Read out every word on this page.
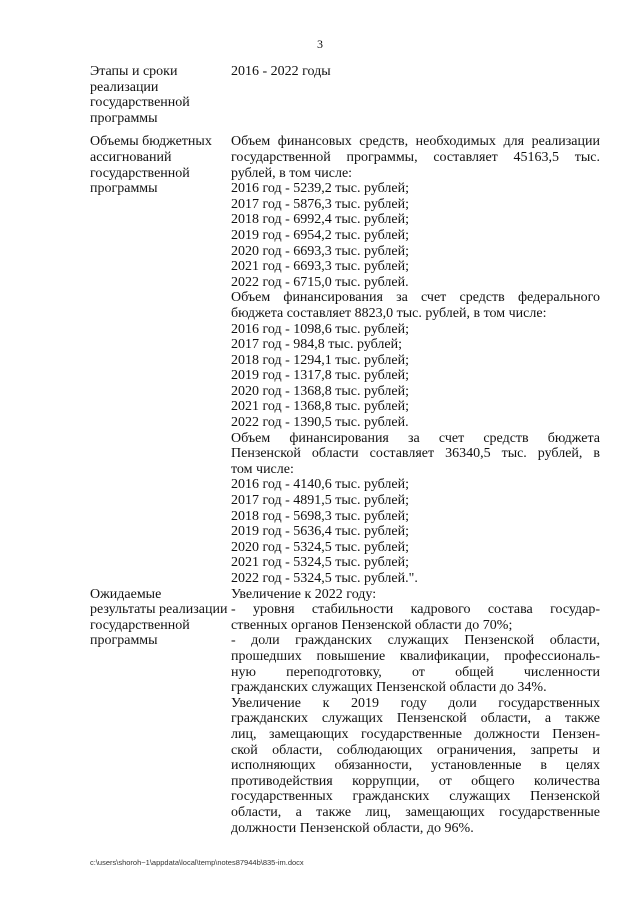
3
Этапы и сроки реализации государственной программы
2016 - 2022 годы
Объемы бюджетных ассигнований государственной программы
Объем финансовых средств, необходимых для реализации
государственной программы, составляет 45163,5 тыс.
рублей, в том числе:
2016 год - 5239,2 тыс. рублей;
2017 год - 5876,3 тыс. рублей;
2018 год - 6992,4 тыс. рублей;
2019 год - 6954,2 тыс. рублей;
2020 год - 6693,3 тыс. рублей;
2021 год - 6693,3 тыс. рублей;
2022 год - 6715,0 тыс. рублей.
Объем финансирования за счет средств федерального
бюджета составляет 8823,0 тыс. рублей, в том числе:
2016 год - 1098,6 тыс. рублей;
2017 год - 984,8 тыс. рублей;
2018 год - 1294,1 тыс. рублей;
2019 год - 1317,8 тыс. рублей;
2020 год - 1368,8 тыс. рублей;
2021 год - 1368,8 тыс. рублей;
2022 год - 1390,5 тыс. рублей.
Объем финансирования за счет средств бюджета
Пензенской области составляет 36340,5 тыс. рублей, в
том числе:
2016 год - 4140,6 тыс. рублей;
2017 год - 4891,5 тыс. рублей;
2018 год - 5698,3 тыс. рублей;
2019 год - 5636,4 тыс. рублей;
2020 год - 5324,5 тыс. рублей;
2021 год - 5324,5 тыс. рублей;
2022 год - 5324,5 тыс. рублей.".
Ожидаемые результаты реализации государственной программы
Увеличение к 2022 году:
- уровня стабильности кадрового состава государ-
ственных органов Пензенской области до 70%;
- доли гражданских служащих Пензенской области,
прошедших повышение квалификации, профессиональ-
ную переподготовку, от общей численности
гражданских служащих Пензенской области до 34%.
Увеличение к 2019 году доли государственных
гражданских служащих Пензенской области, а также
лиц, замещающих государственные должности Пензен-
ской области, соблюдающих ограничения, запреты и
исполняющих обязанности, установленные в целях
противодействия коррупции, от общего количества
государственных гражданских служащих Пензенской
области, а также лиц, замещающих государственные
должности Пензенской области, до 96%.
c:\users\shoroh~1\appdata\local\temp\notes87944b\835-im.docx
